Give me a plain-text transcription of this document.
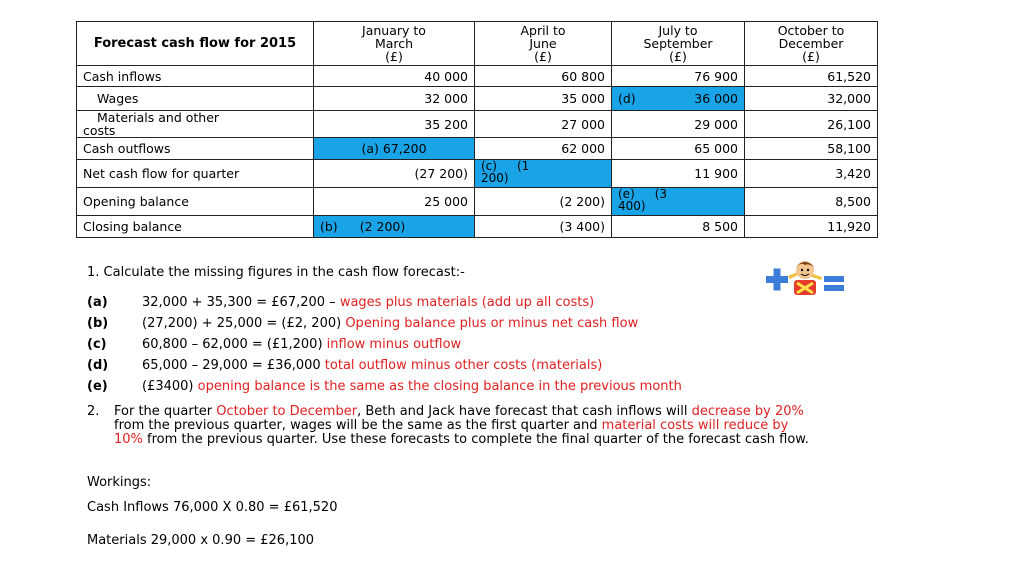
Forecast cash flow for 2015	January to
March
(£)	April to
June
(£)	July to
September
(£)	October to
December
(£)
Cash inflows	40 000	60 800	76 900	61,520
Wages	32 000	35 000	(d) 36 000	32,000
Materials and other
costs	35 200	27 000	29 000	26,100
Cash outflows	(a) 67,200	62 000	65 000	58,100
Net cash flow for quarter	(27 200)	(c) (1
200)	11 900	3,420
Opening balance	25 000	(2 200)	(e) (3
400)	8,500
Closing balance	(b) (2 200)	(3 400)	8 500	11,920
1. Calculate the missing figures in the cash flow forecast:-
(a)	32,000 + 35,300 = £67,200 – wages plus materials (add up all costs)
(b)	(27,200) + 25,000 = (£2, 200) Opening balance plus or minus net cash flow
(c)	60,800 – 62,000 = (£1,200) inflow minus outflow
(d)	65,000 – 29,000 = £36,000 total outflow minus other costs (materials)
(e)	(£3400) opening balance is the same as the closing balance in the previous month
2.	For the quarter October to December, Beth and Jack have forecast that cash inflows will decrease by 20% from the previous quarter, wages will be the same as the first quarter and material costs will reduce by 10% from the previous quarter. Use these forecasts to complete the final quarter of the forecast cash flow.
Workings:
Cash Inflows 76,000 X 0.80 = £61,520
Materials 29,000 x 0.90 = £26,100
